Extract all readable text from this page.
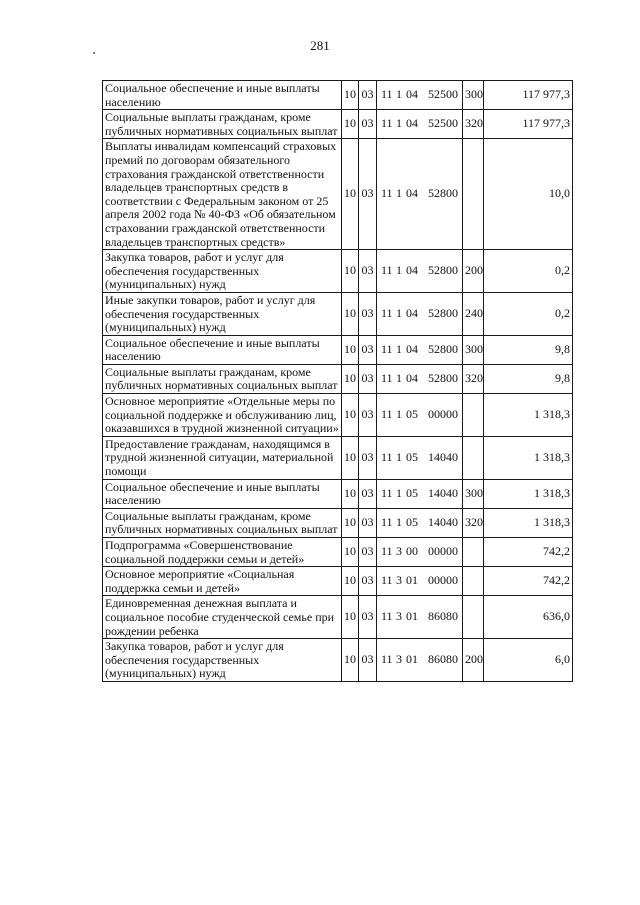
281
Социальное обеспечение и иные выплаты населению	10	03	11 1 04 52500	300	117 977,3
Социальные выплаты гражданам, кроме публичных нормативных социальных выплат	10	03	11 1 04 52500	320	117 977,3
Выплаты инвалидам компенсаций страховых премий по договорам обязательного страхования гражданской ответственности владельцев транспортных средств в соответствии с Федеральным законом от 25 апреля 2002 года № 40-ФЗ «Об обязательном страховании гражданской ответственности владельцев транспортных средств»	10	03	11 1 04 52800		10,0
Закупка товаров, работ и услуг для обеспечения государственных (муниципальных) нужд	10	03	11 1 04 52800	200	0,2
Иные закупки товаров, работ и услуг для обеспечения государственных (муниципальных) нужд	10	03	11 1 04 52800	240	0,2
Социальное обеспечение и иные выплаты населению	10	03	11 1 04 52800	300	9,8
Социальные выплаты гражданам, кроме публичных нормативных социальных выплат	10	03	11 1 04 52800	320	9,8
Основное мероприятие «Отдельные меры по социальной поддержке и обслуживанию лиц, оказавшихся в трудной жизненной ситуации»	10	03	11 1 05 00000		1 318,3
Предоставление гражданам, находящимся в трудной жизненной ситуации, материальной помощи	10	03	11 1 05 14040		1 318,3
Социальное обеспечение и иные выплаты населению	10	03	11 1 05 14040	300	1 318,3
Социальные выплаты гражданам, кроме публичных нормативных социальных выплат	10	03	11 1 05 14040	320	1 318,3
Подпрограмма «Совершенствование социальной поддержки семьи и детей»	10	03	11 3 00 00000		742,2
Основное мероприятие «Социальная поддержка семьи и детей»	10	03	11 3 01 00000		742,2
Единовременная денежная выплата и социальное пособие студенческой семье при рождении ребенка	10	03	11 3 01 86080		636,0
Закупка товаров, работ и услуг для обеспечения государственных (муниципальных) нужд	10	03	11 3 01 86080	200	6,0
